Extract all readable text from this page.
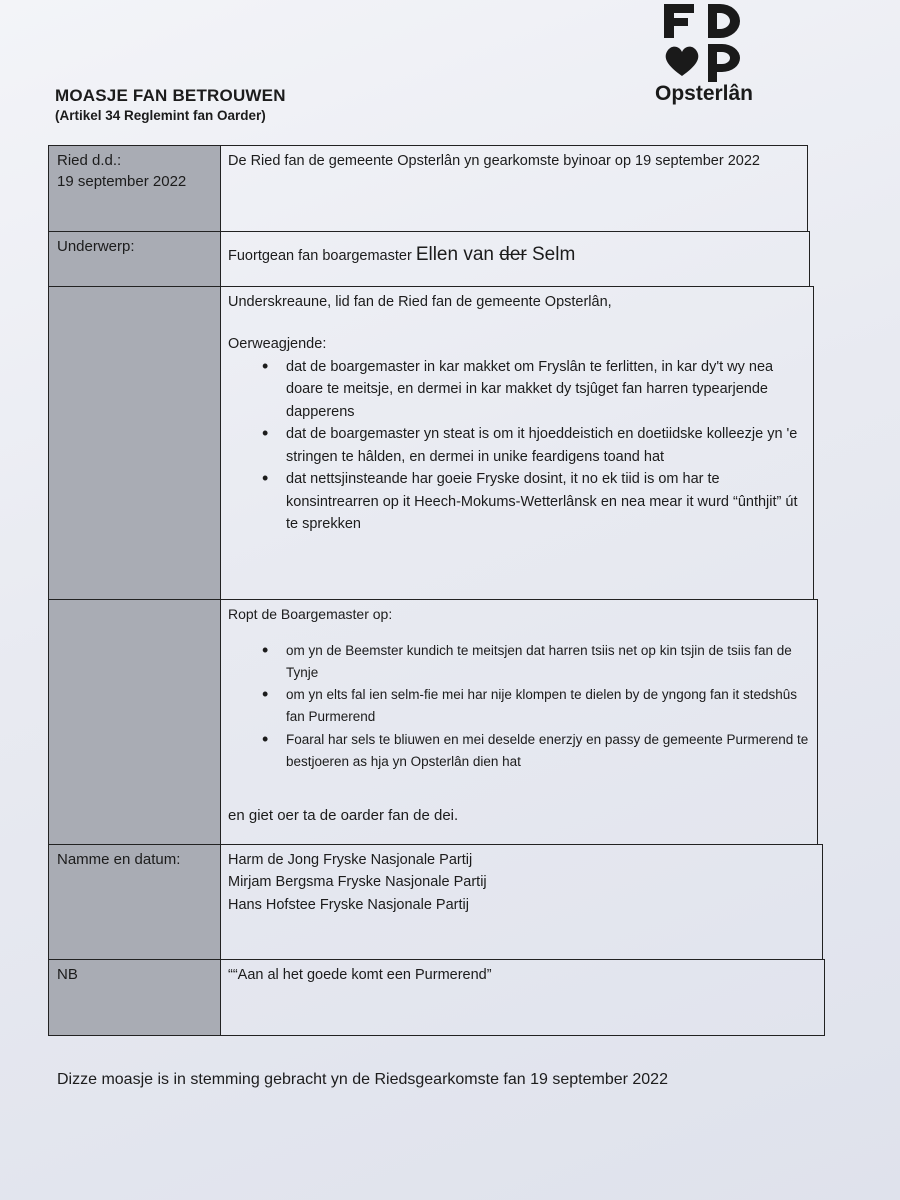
Opsterlân
MOASJE FAN BETROUWEN
(Artikel 34 Reglemint fan Oarder)
Ried d.d.:
19 september 2022
De Ried fan de gemeente Opsterlân yn gearkomste byinoar op 19 september 2022
Underwerp:
Fuortgean fan boargemaster Ellen van der Selm

Underskreaune, lid fan de Ried fan de gemeente Opsterlân,

Oerweagjende:

• dat de boargemaster in kar makket om Fryslân te ferlitten, in kar dy't wy nea doare te meitsje, en dermei in kar makket dy tsjûget fan harren typearjende dapperens
• dat de boargemaster yn steat is om it hjoeddeistich en doetiidske kolleezje yn 'e stringen te hâlden, en dermei in unike feardigens toand hat
• dat nettsjinsteande har goeie Fryske dosint, it no ek tiid is om har te konsintrearren op it Heech-Mokums-Wetterlânsk en nea mear it wurd “ûnthjit” út te sprekken

Ropt de Boargemaster op:

• om yn de Beemster kundich te meitsjen dat harren tsiis net op kin tsjin de tsiis fan de Tynje
• om yn elts fal ien selm-fie mei har nije klompen te dielen by de yngong fan it stedshûs fan Purmerend
• Foaral har sels te bliuwen en mei deselde enerzjy en passy de gemeente Purmerend te bestjoeren as hja yn Opsterlân dien hat

en giet oer ta de oarder fan de dei.

Namme en datum:	Harm de Jong Fryske Nasjonale Partij
Mirjam Bergsma Fryske Nasjonale Partij
Hans Hofstee Fryske Nasjonale Partij
NB	““Aan al het goede komt een Purmerend”
Dizze moasje is in stemming gebracht yn de Riedsgearkomste fan 19 september 2022
